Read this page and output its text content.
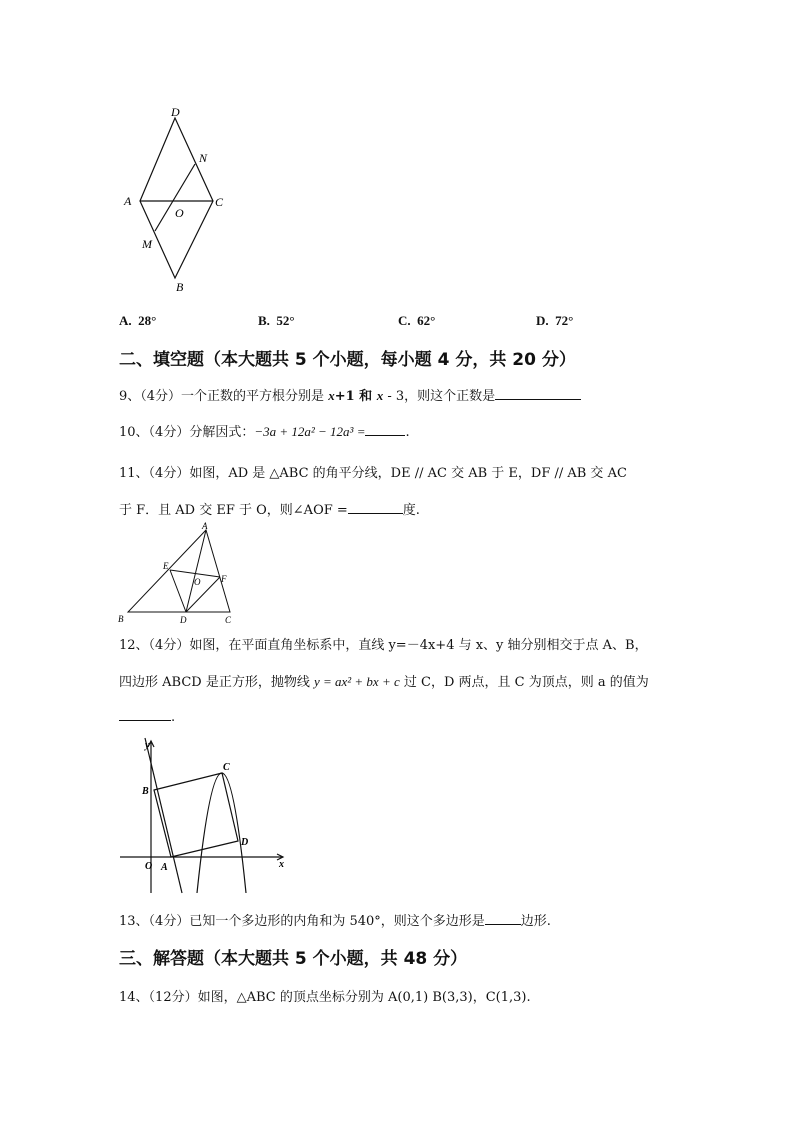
D
N
A
O
C
M
B
A. 28°	B. 52°	C. 62°	D. 72°
二、填空题（本大题共 5 个小题，每小题 4 分，共 20 分）
9、（4分）一个正数的平方根分别是 x+1 和 x - 3，则这个正数是
10、（4分）分解因式：−3a + 12a² − 12a³ =	.
11、（4分）如图，AD 是 △ABC 的角平分线，DE // AC 交 AB 于 E，DF // AB 交 AC
于 F．且 AD 交 EF 于 O，则∠AOF =	度.
A
E
O F
B	D	C
12、（4分）如图，在平面直角坐标系中，直线 y=－4x+4 与 x、y 轴分别相交于点 A、B，
四边形 ABCD 是正方形，抛物线 y = ax² + bx + c 过 C，D 两点，且 C 为顶点，则 a 的值为
.
y
x
O A
B
C
D
13、（4分）已知一个多边形的内角和为 540°，则这个多边形是	边形.
三、解答题（本大题共 5 个小题，共 48 分）
14、（12分）如图，△ABC 的顶点坐标分别为 A(0,1) B(3,3)，C(1,3).
